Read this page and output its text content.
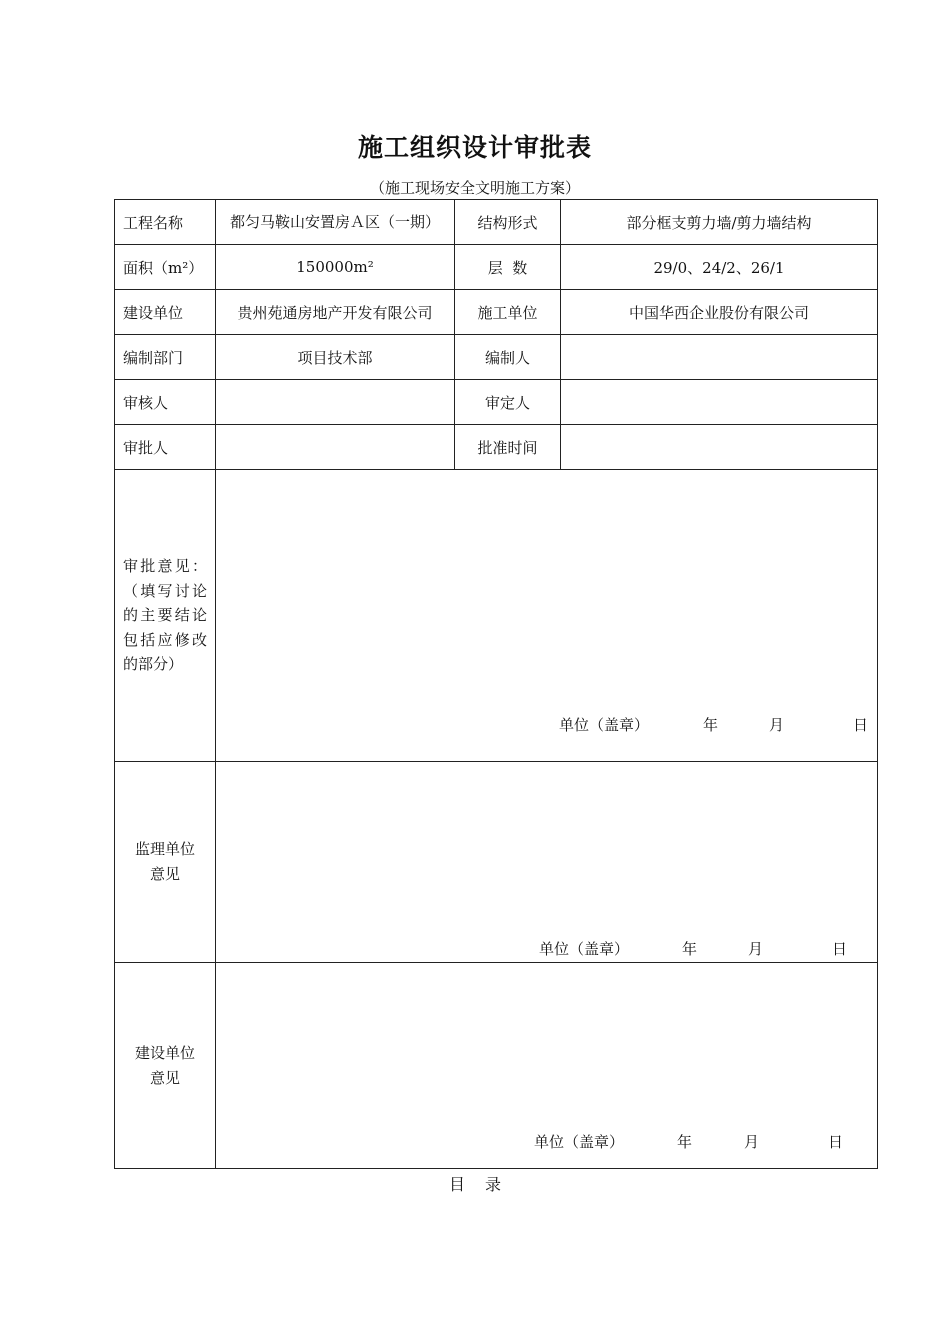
施工组织设计审批表
（施工现场安全文明施工方案）
工程名称	都匀马鞍山安置房Ａ区（一期）	结构形式	部分框支剪力墙/剪力墙结构
面积（m²）	150000m²	层  数	29/0、24/2、26/1
建设单位	贵州苑通房地产开发有限公司	施工单位	中国华西企业股份有限公司
编制部门	项目技术部	编制人	
审核人		审定人	
审批人		批准时间	

审批意见：（填写讨论的主要结论包括应修改的部分）	单位（盖章） 年 月 日		

监理单位意见	单位（盖章） 年 月 日		

建设单位意见	单位（盖章） 年 月 日		
目录
